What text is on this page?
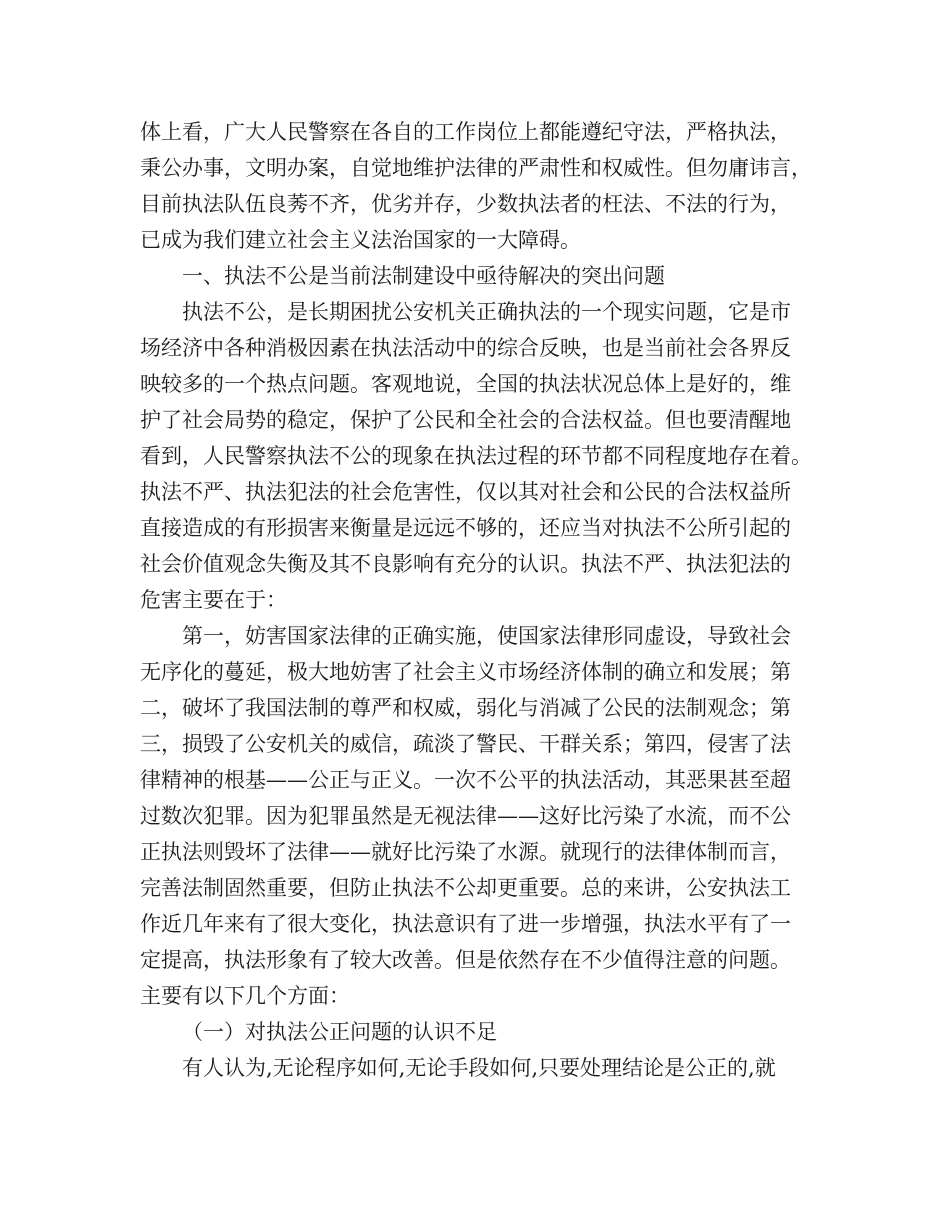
体上看，广大人民警察在各自的工作岗位上都能遵纪守法，严格执法，
秉公办事，文明办案，自觉地维护法律的严肃性和权威性。但勿庸讳言，
目前执法队伍良莠不齐，优劣并存，少数执法者的枉法、不法的行为，
已成为我们建立社会主义法治国家的一大障碍。
一、执法不公是当前法制建设中亟待解决的突出问题
执法不公，是长期困扰公安机关正确执法的一个现实问题，它是市
场经济中各种消极因素在执法活动中的综合反映，也是当前社会各界反
映较多的一个热点问题。客观地说，全国的执法状况总体上是好的，维
护了社会局势的稳定，保护了公民和全社会的合法权益。但也要清醒地
看到，人民警察执法不公的现象在执法过程的环节都不同程度地存在着。
执法不严、执法犯法的社会危害性，仅以其对社会和公民的合法权益所
直接造成的有形损害来衡量是远远不够的，还应当对执法不公所引起的
社会价值观念失衡及其不良影响有充分的认识。执法不严、执法犯法的
危害主要在于：
第一，妨害国家法律的正确实施，使国家法律形同虚设，导致社会
无序化的蔓延，极大地妨害了社会主义市场经济体制的确立和发展；第
二，破坏了我国法制的尊严和权威，弱化与消减了公民的法制观念；第
三，损毁了公安机关的威信，疏淡了警民、干群关系；第四，侵害了法
律精神的根基——公正与正义。一次不公平的执法活动，其恶果甚至超
过数次犯罪。因为犯罪虽然是无视法律——这好比污染了水流，而不公
正执法则毁坏了法律——就好比污染了水源。就现行的法律体制而言，
完善法制固然重要，但防止执法不公却更重要。总的来讲，公安执法工
作近几年来有了很大变化，执法意识有了进一步增强，执法水平有了一
定提高，执法形象有了较大改善。但是依然存在不少值得注意的问题。
主要有以下几个方面：
（一）对执法公正问题的认识不足
有人认为,无论程序如何,无论手段如何,只要处理结论是公正的,就
